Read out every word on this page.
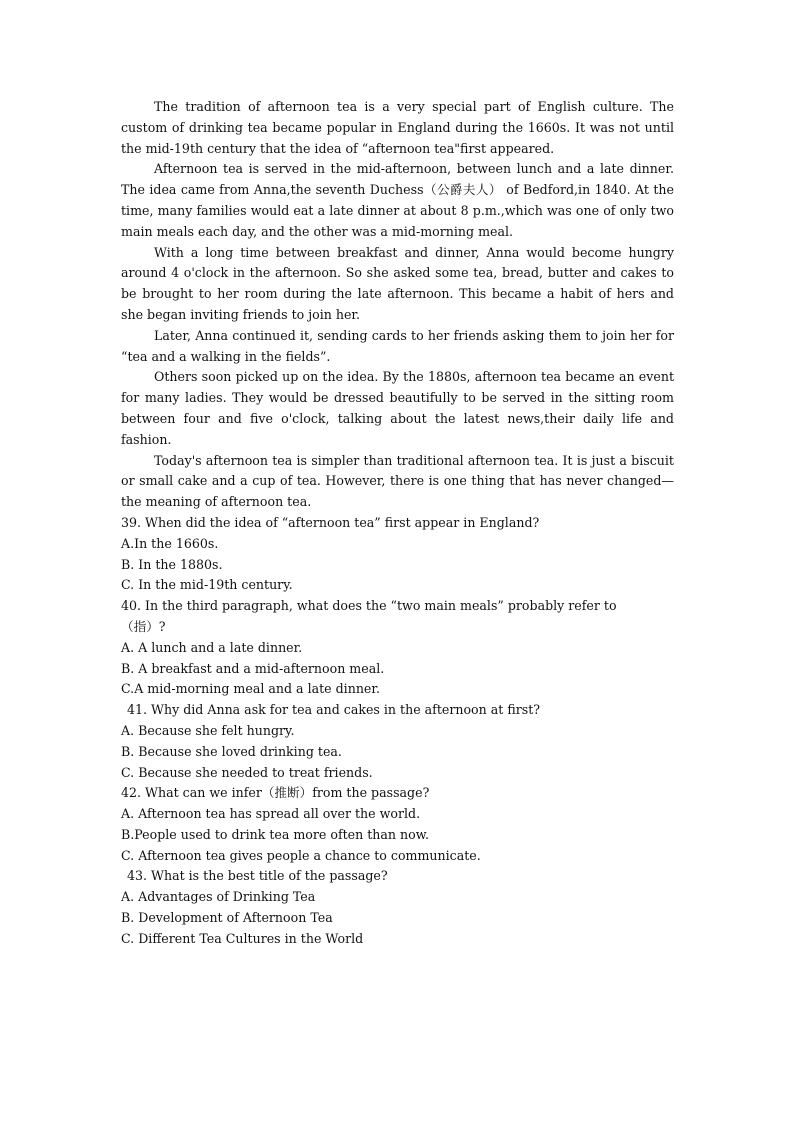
The tradition of afternoon tea is a very special part of English culture. The custom of drinking tea became popular in England during the 1660s. It was not until the mid-19th century that the idea of “afternoon tea"first appeared.

Afternoon tea is served in the mid-afternoon, between lunch and a late dinner. The idea came from Anna,the seventh Duchess（公爵夫人） of Bedford,in 1840. At the time, many families would eat a late dinner at about 8 p.m.,which was one of only two main meals each day, and the other was a mid-morning meal.

With a long time between breakfast and dinner, Anna would become hungry around 4 o'clock in the afternoon. So she asked some tea, bread, butter and cakes to be brought to her room during the late afternoon. This became a habit of hers and she began inviting friends to join her.

Later, Anna continued it, sending cards to her friends asking them to join her for “tea and a walking in the fields”.

Others soon picked up on the idea. By the 1880s, afternoon tea became an event for many ladies. They would be dressed beautifully to be served in the sitting room between four and five o'clock, talking about the latest news,their daily life and fashion.

Today's afternoon tea is simpler than traditional afternoon tea. It is just a biscuit or small cake and a cup of tea. However, there is one thing that has never changed—the meaning of afternoon tea.

39. When did the idea of “afternoon tea” first appear in England?

A.In the 1660s.

B. In the 1880s.

C. In the mid-19th century.

40. In the third paragraph, what does the “two main meals” probably refer to（指）?

A. A lunch and a late dinner.

B. A breakfast and a mid-afternoon meal.

C.A mid-morning meal and a late dinner.

41. Why did Anna ask for tea and cakes in the afternoon at first?

A. Because she felt hungry.

B. Because she loved drinking tea.

C. Because she needed to treat friends.

42. What can we infer（推断）from the passage?

A. Afternoon tea has spread all over the world.

B.People used to drink tea more often than now.

C. Afternoon tea gives people a chance to communicate.

43. What is the best title of the passage?

A. Advantages of Drinking Tea

B. Development of Afternoon Tea

C. Different Tea Cultures in the World
